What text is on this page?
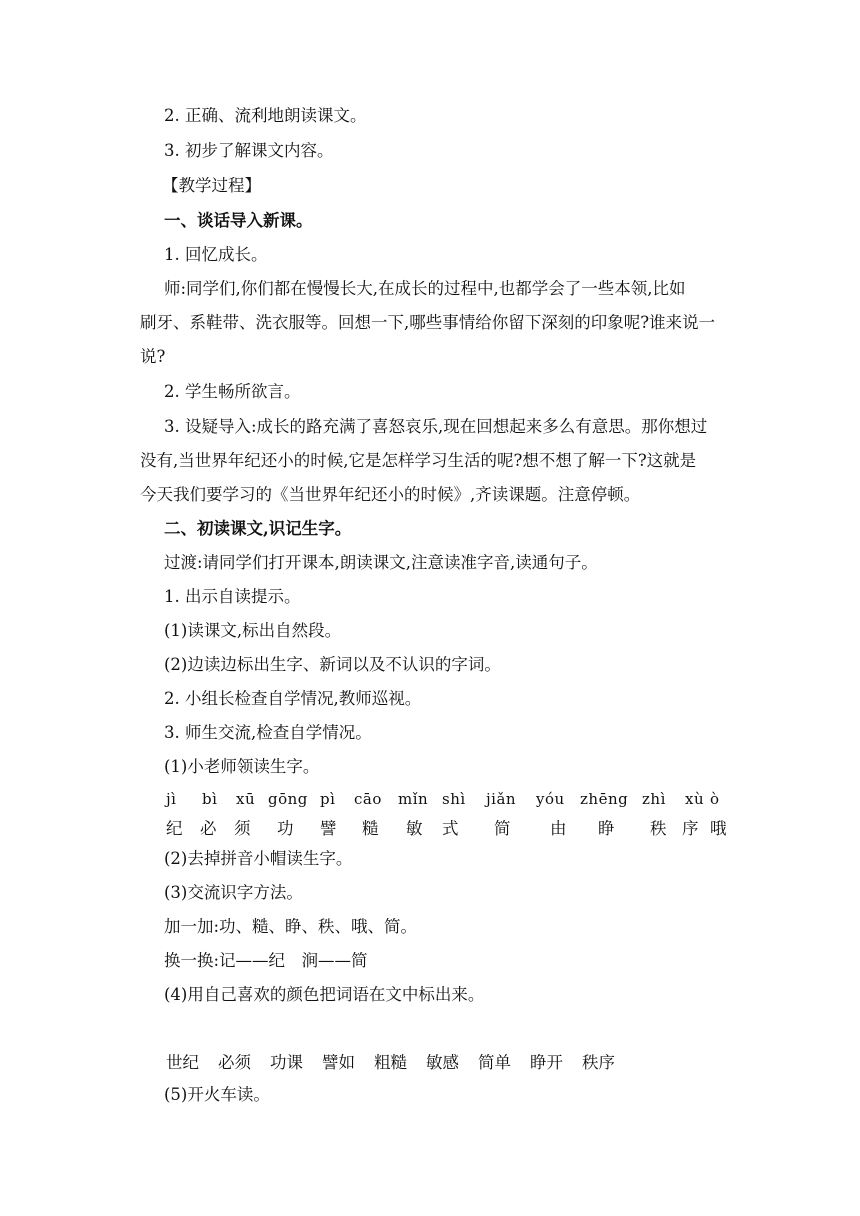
2. 正确、流利地朗读课文。
3. 初步了解课文内容。
【教学过程】
一、谈话导入新课。
1. 回忆成长。
师:同学们,你们都在慢慢长大,在成长的过程中,也都学会了一些本领,比如
刷牙、系鞋带、洗衣服等。回想一下,哪些事情给你留下深刻的印象呢?谁来说一
说?
2. 学生畅所欲言。
3. 设疑导入:成长的路充满了喜怒哀乐,现在回想起来多么有意思。那你想过
没有,当世界年纪还小的时候,它是怎样学习生活的呢?想不想了解一下?这就是
今天我们要学习的《当世界年纪还小的时候》,齐读课题。注意停顿。
二、初读课文,识记生字。
过渡:请同学们打开课本,朗读课文,注意读准字音,读通句子。
1. 出示自读提示。
(1)读课文,标出自然段。
(2)边读边标出生字、新词以及不认识的字词。
2. 小组长检查自学情况,教师巡视。
3. 师生交流,检查自学情况。
(1)小老师领读生字。
jì bì xū gōng pì cāo mǐn shì jiǎn yóu zhēng zhì xù ò
纪 必 须 功 譬 糙 敏 式 简 由 睁 秩 序 哦
(2)去掉拼音小帽读生字。
(3)交流识字方法。
加一加:功、糙、睁、秩、哦、简。
换一换:记——纪　涧——简
(4)用自己喜欢的颜色把词语在文中标出来。
世纪 必须 功课 譬如 粗糙 敏感 简单 睁开 秩序
(5)开火车读。
